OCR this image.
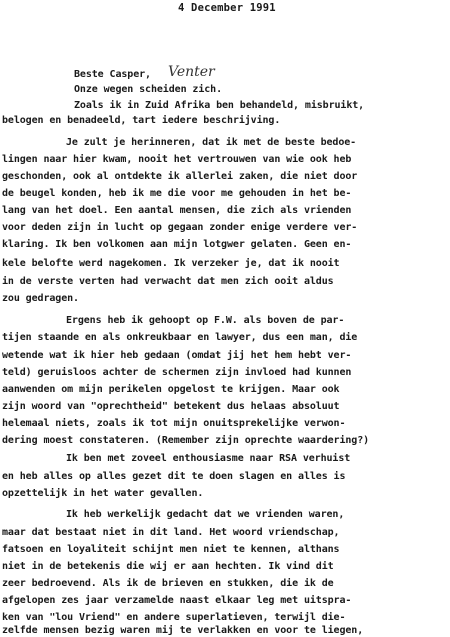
4 December 1991
Beste Casper, Venter
Onze wegen scheiden zich.
Zoals ik in Zuid Afrika ben behandeld, misbruikt,
belogen en benadeeld, tart iedere beschrijving.
Je zult je herinneren, dat ik met de beste bedoe-
lingen naar hier kwam, nooit het vertrouwen van wie ook heb
geschonden, ook al ontdekte ik allerlei zaken, die niet door
de beugel konden, heb ik me die voor me gehouden in het be-
lang van het doel. Een aantal mensen, die zich als vrienden
voor deden zijn in lucht op gegaan zonder enige verdere ver-
klaring. Ik ben volkomen aan mijn lotgwer gelaten. Geen en-
kele belofte werd nagekomen. Ik verzeker je, dat ik nooit
in de verste verten had verwacht dat men zich ooit aldus
zou gedragen.
Ergens heb ik gehoopt op F.W. als boven de par-
tijen staande en als onkreukbaar en lawyer, dus een man, die
wetende wat ik hier heb gedaan (omdat jij het hem hebt ver-
teld) geruisloos achter de schermen zijn invloed had kunnen
aanwenden om mijn perikelen opgelost te krijgen. Maar ook
zijn woord van "oprechtheid" betekent dus helaas absoluut
helemaal niets, zoals ik tot mijn onuitsprekelijke verwon-
dering moest constateren. (Remember zijn oprechte waardering?)
Ik ben met zoveel enthousiasme naar RSA verhuist
en heb alles op alles gezet dit te doen slagen en alles is
opzettelijk in het water gevallen.
Ik heb werkelijk gedacht dat we vrienden waren,
maar dat bestaat niet in dit land. Het woord vriendschap,
fatsoen en loyaliteit schijnt men niet te kennen, althans
niet in de betekenis die wij er aan hechten. Ik vind dit
zeer bedroevend. Als ik de brieven en stukken, die ik de
afgelopen zes jaar verzamelde naast elkaar leg met uitspra-
ken van "lou Vriend" en andere superlatieven, terwijl die-
zelfde mensen bezig waren mij te verlakken en voor te liegen,
